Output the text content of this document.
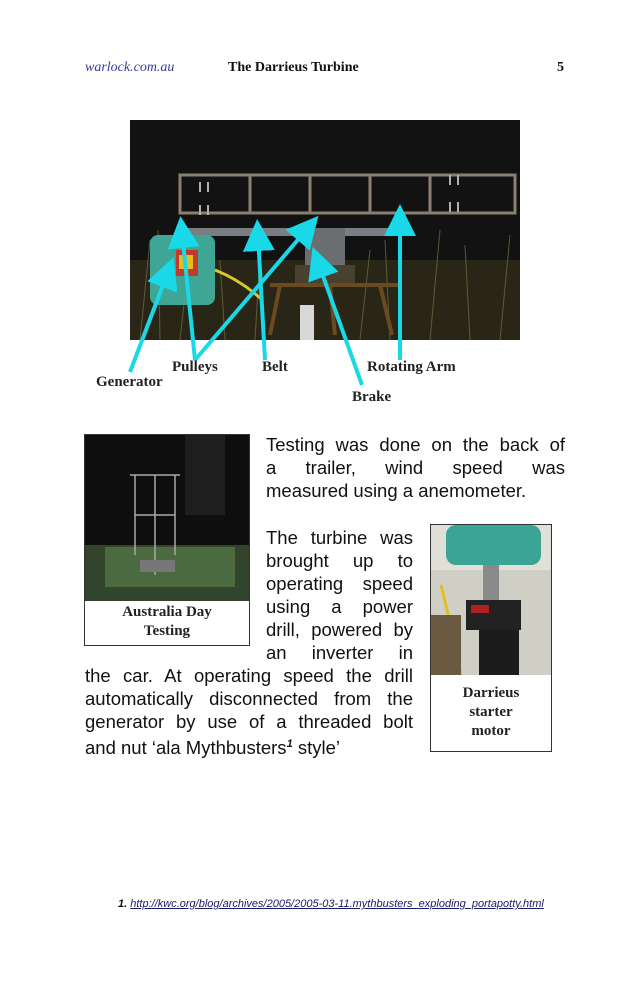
warlock.com.au	The Darrieus Turbine	5
Pulleys	Belt	Rotating Arm
Generator
Brake
Australia Day
Testing
Darrieus
starter
motor
Testing was done on the back of
a trailer, wind speed was
measured using a anemometer.
The turbine was
brought up to
operating speed
using a power
drill, powered by
an inverter in
the car. At operating speed the drill
automatically disconnected from the
generator by use of a threaded bolt
and nut ‘ala Mythbusters$^1$ style’
1. http://kwc.org/blog/archives/2005/2005-03-11.mythbusters_exploding_portapotty.html
